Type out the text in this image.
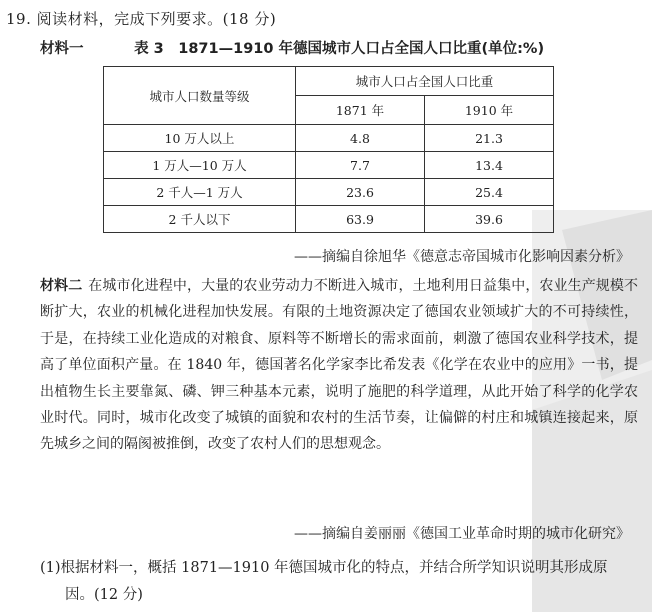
19. 阅读材料，完成下列要求。(18 分)
材料一	表 3　1871—1910 年德国城市人口占全国人口比重(单位:%)
城市人口数量等级	城市人口占全国人口比重	
	1871 年	1910 年
10 万人以上	4.8	21.3
1 万人—10 万人	7.7	13.4
2 千人—1 万人	23.6	25.4
2 千人以下	63.9	39.6
——摘编自徐旭华《德意志帝国城市化影响因素分析》
材料二 在城市化进程中，大量的农业劳动力不断进入城市，土地利用日益集中，农业生产规模不断扩大，农业的机械化进程加快发展。有限的土地资源决定了德国农业领域扩大的不可持续性，于是，在持续工业化造成的对粮食、原料等不断增长的需求面前，刺激了德国农业科学技术，提高了单位面积产量。在 1840 年，德国著名化学家李比希发表《化学在农业中的应用》一书，提出植物生长主要靠氮、磷、钾三种基本元素，说明了施肥的科学道理，从此开始了科学的化学农业时代。同时，城市化改变了城镇的面貌和农村的生活节奏，让偏僻的村庄和城镇连接起来，原先城乡之间的隔阂被推倒，改变了农村人们的思想观念。
——摘编自姜丽丽《德国工业革命时期的城市化研究》
(1)根据材料一，概括 1871—1910 年德国城市化的特点，并结合所学知识说明其形成原
因。(12 分)
